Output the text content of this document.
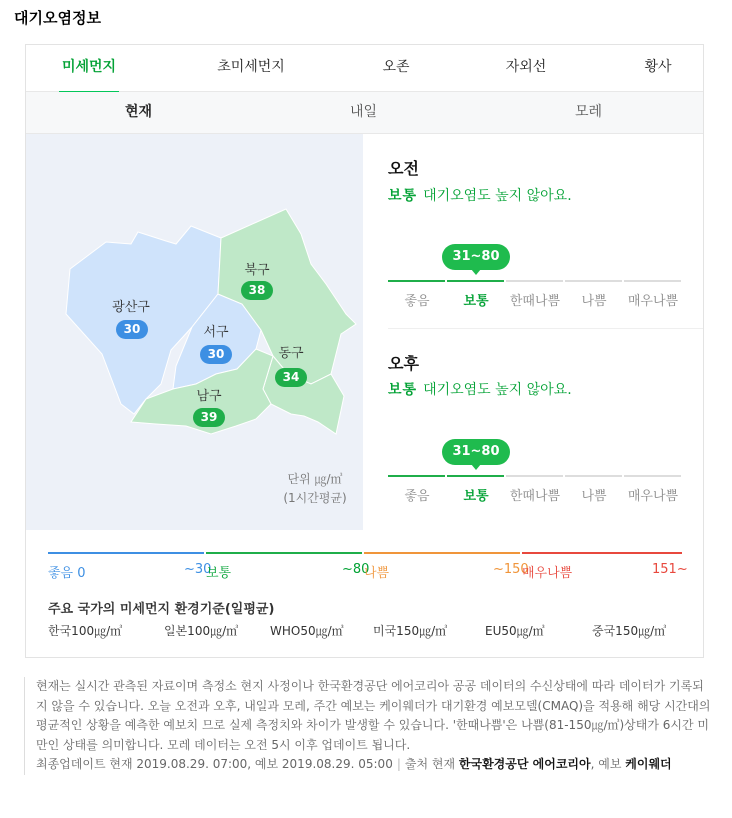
대기오염정보
미세먼지	초미세먼지	오존	자외선	황사
현재	내일	모레
광산구
30
북구
38
서구
30	동구
34
남구
39
단위 ㎍/㎥
(1시간평균)
오전
보통 대기오염도 높지 않아요.
31~80
좋음	보통	한때나쁨	나쁨	매우나쁨
오후
보통 대기오염도 높지 않아요.
31~80
좋음	보통	한때나쁨	나쁨	매우나쁨
좋음 0	~30
보통	~80
나쁨	~150
매우나쁨	151~
주요 국가의 미세먼지 환경기준(일평균)
한국100㎍/㎥	일본100㎍/㎥	WHO50㎍/㎥ 미국150㎍/㎥	EU50㎍/㎥	중국150㎍/㎥
현재는 실시간 관측된 자료이며 측정소 현지 사정이나 한국환경공단 에어코리아 공공 데이터의 수신상태에 따라 데이터가 기록되지 않을 수 있습니다. 오늘 오전과 오후, 내일과 모레, 주간 예보는 케이웨더가 대기환경 예보모델(CMAQ)을 적용해 해당 시간대의 평균적인 상황을 예측한 예보치 므로 실제 측정치와 차이가 발생할 수 있습니다. '한때나쁨'은 나쁨(81-150㎍/㎥)상태가 6시간 미만인 상태를 의미합니다. 모레 데이터는 오전 5시 이후 업데이트 됩니다.
최종업데이트 현재 2019.08.29. 07:00, 예보 2019.08.29. 05:00 | 출처 현재 한국환경공단 에어코리아, 예보 케이웨더
